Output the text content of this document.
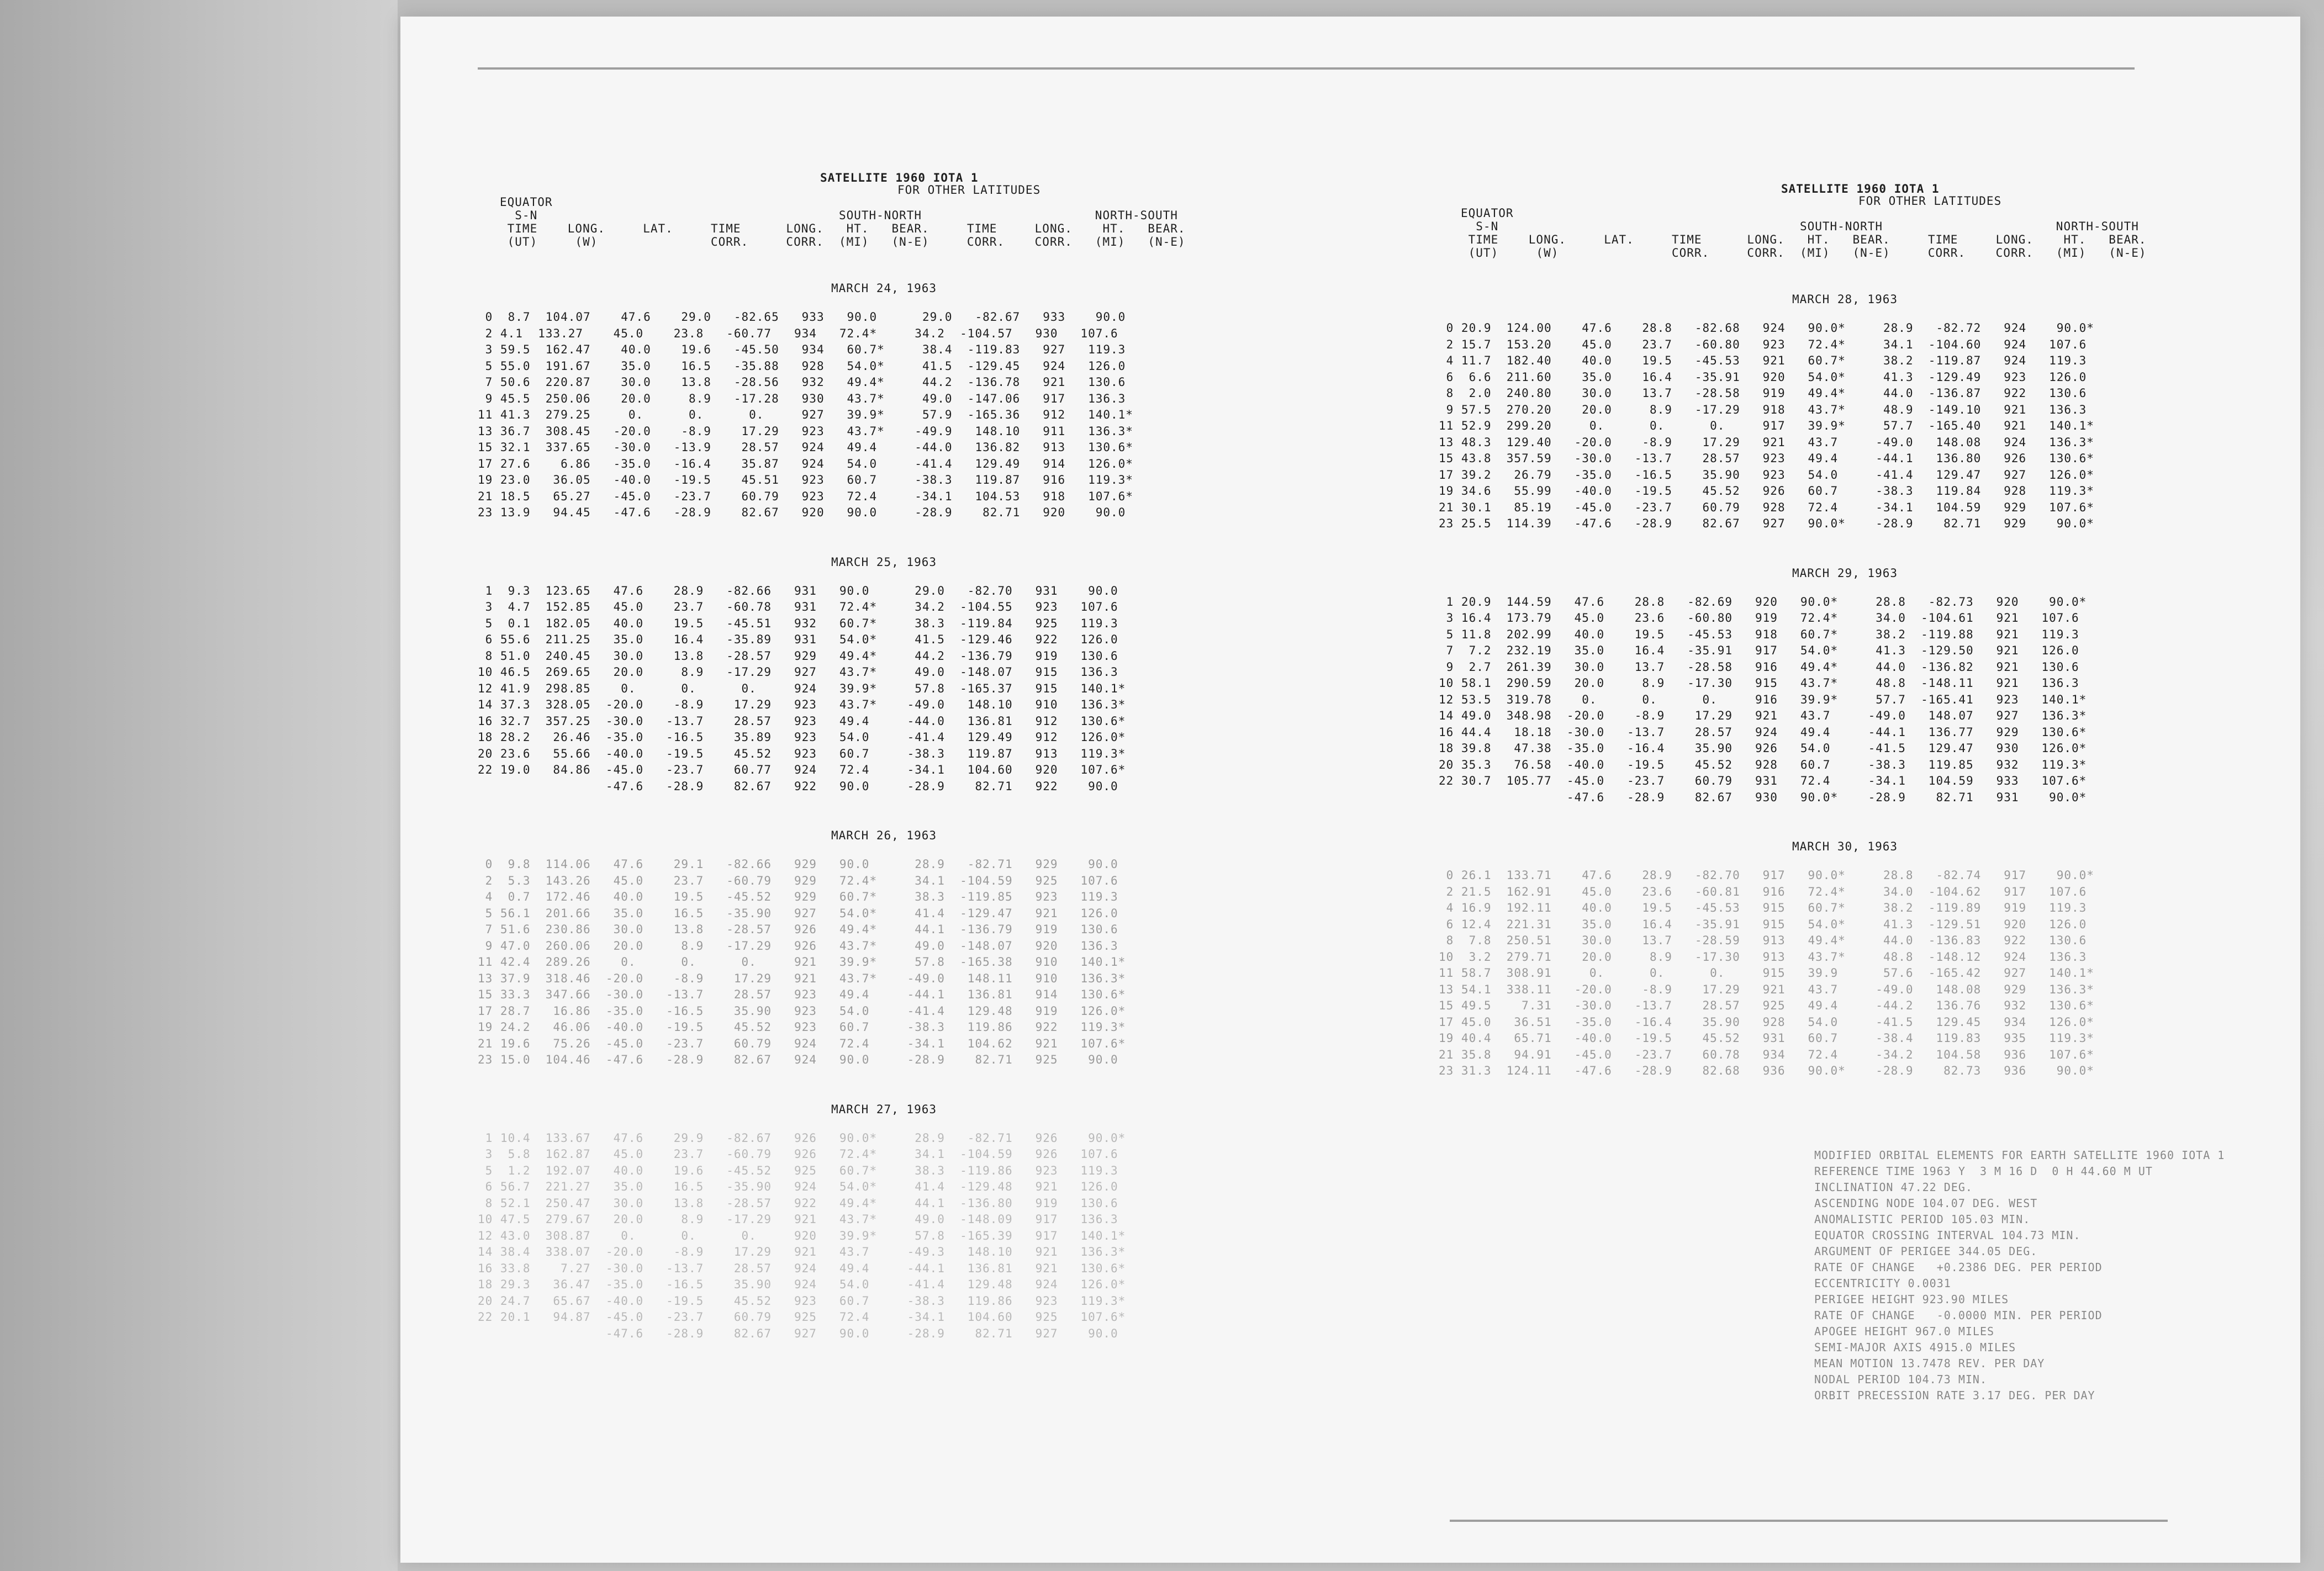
SATELLITE 1960 IOTA 1
FOR OTHER LATITUDES
EQUATOR
S-N                                        SOUTH-NORTH                       NORTH-SOUTH
TIME    LONG.     LAT.     TIME      LONG.   HT.   BEAR.     TIME     LONG.    HT.   BEAR.
(UT)     (W)               CORR.     CORR.  (MI)   (N-E)     CORR.    CORR.   (MI)   (N-E)
MARCH 24, 1963
0  8.7  104.07    47.6    29.0   -82.65   933   90.0      29.0   -82.67   933    90.0
2 4.1  133.27    45.0    23.8   -60.77   934   72.4*     34.2  -104.57   930   107.6
3 59.5  162.47    40.0    19.6   -45.50   934   60.7*     38.4  -119.83   927   119.3
5 55.0  191.67    35.0    16.5   -35.88   928   54.0*     41.5  -129.45   924   126.0
7 50.6  220.87    30.0    13.8   -28.56   932   49.4*     44.2  -136.78   921   130.6
9 45.5  250.06    20.0     8.9   -17.28   930   43.7*     49.0  -147.06   917   136.3
11 41.3  279.25     0.      0.      0.     927   39.9*     57.9  -165.36   912   140.1*
13 36.7  308.45   -20.0    -8.9    17.29   923   43.7*    -49.9   148.10   911   136.3*
15 32.1  337.65   -30.0   -13.9    28.57   924   49.4     -44.0   136.82   913   130.6*
17 27.6    6.86   -35.0   -16.4    35.87   924   54.0     -41.4   129.49   914   126.0*
19 23.0   36.05   -40.0   -19.5    45.51   923   60.7     -38.3   119.87   916   119.3*
21 18.5   65.27   -45.0   -23.7    60.79   923   72.4     -34.1   104.53   918   107.6*
23 13.9   94.45   -47.6   -28.9    82.67   920   90.0     -28.9    82.71   920    90.0
MARCH 25, 1963
1  9.3  123.65   47.6    28.9   -82.66   931   90.0      29.0   -82.70   931    90.0
3  4.7  152.85   45.0    23.7   -60.78   931   72.4*     34.2  -104.55   923   107.6
5  0.1  182.05   40.0    19.5   -45.51   932   60.7*     38.3  -119.84   925   119.3
6 55.6  211.25   35.0    16.4   -35.89   931   54.0*     41.5  -129.46   922   126.0
8 51.0  240.45   30.0    13.8   -28.57   929   49.4*     44.2  -136.79   919   130.6
10 46.5  269.65   20.0     8.9   -17.29   927   43.7*     49.0  -148.07   915   136.3
12 41.9  298.85    0.      0.      0.     924   39.9*     57.8  -165.37   915   140.1*
14 37.3  328.05  -20.0    -8.9    17.29   923   43.7*    -49.0   148.10   910   136.3*
16 32.7  357.25  -30.0   -13.7    28.57   923   49.4     -44.0   136.81   912   130.6*
18 28.2   26.46  -35.0   -16.5    35.89   923   54.0     -41.4   129.49   912   126.0*
20 23.6   55.66  -40.0   -19.5    45.52   923   60.7     -38.3   119.87   913   119.3*
22 19.0   84.86  -45.0   -23.7    60.77   924   72.4     -34.1   104.60   920   107.6*
-47.6   -28.9    82.67   922   90.0     -28.9    82.71   922    90.0
MARCH 26, 1963
0  9.8  114.06   47.6    29.1   -82.66   929   90.0      28.9   -82.71   929    90.0
2  5.3  143.26   45.0    23.7   -60.79   929   72.4*     34.1  -104.59   925   107.6
4  0.7  172.46   40.0    19.5   -45.52   929   60.7*     38.3  -119.85   923   119.3
5 56.1  201.66   35.0    16.5   -35.90   927   54.0*     41.4  -129.47   921   126.0
7 51.6  230.86   30.0    13.8   -28.57   926   49.4*     44.1  -136.79   919   130.6
9 47.0  260.06   20.0     8.9   -17.29   926   43.7*     49.0  -148.07   920   136.3
11 42.4  289.26    0.      0.      0.     921   39.9*     57.8  -165.38   910   140.1*
13 37.9  318.46  -20.0    -8.9    17.29   921   43.7*    -49.0   148.11   910   136.3*
15 33.3  347.66  -30.0   -13.7    28.57   923   49.4     -44.1   136.81   914   130.6*
17 28.7   16.86  -35.0   -16.5    35.90   923   54.0     -41.4   129.48   919   126.0*
19 24.2   46.06  -40.0   -19.5    45.52   923   60.7     -38.3   119.86   922   119.3*
21 19.6   75.26  -45.0   -23.7    60.79   924   72.4     -34.1   104.62   921   107.6*
23 15.0  104.46  -47.6   -28.9    82.67   924   90.0     -28.9    82.71   925    90.0
MARCH 27, 1963
1 10.4  133.67   47.6    29.9   -82.67   926   90.0*     28.9   -82.71   926    90.0*
3  5.8  162.87   45.0    23.7   -60.79   926   72.4*     34.1  -104.59   926   107.6
5  1.2  192.07   40.0    19.6   -45.52   925   60.7*     38.3  -119.86   923   119.3
6 56.7  221.27   35.0    16.5   -35.90   924   54.0*     41.4  -129.48   921   126.0
8 52.1  250.47   30.0    13.8   -28.57   922   49.4*     44.1  -136.80   919   130.6
10 47.5  279.67   20.0     8.9   -17.29   921   43.7*     49.0  -148.09   917   136.3
12 43.0  308.87    0.      0.      0.     920   39.9*     57.8  -165.39   917   140.1*
14 38.4  338.07  -20.0    -8.9    17.29   921   43.7     -49.3   148.10   921   136.3*
16 33.8    7.27  -30.0   -13.7    28.57   924   49.4     -44.1   136.81   921   130.6*
18 29.3   36.47  -35.0   -16.5    35.90   924   54.0     -41.4   129.48   924   126.0*
20 24.7   65.67  -40.0   -19.5    45.52   923   60.7     -38.3   119.86   923   119.3*
22 20.1   94.87  -45.0   -23.7    60.79   925   72.4     -34.1   104.60   925   107.6*
-47.6   -28.9    82.67   927   90.0     -28.9    82.71   927    90.0
SATELLITE 1960 IOTA 1
FOR OTHER LATITUDES
EQUATOR
S-N                                        SOUTH-NORTH                       NORTH-SOUTH
TIME    LONG.     LAT.     TIME      LONG.   HT.   BEAR.     TIME     LONG.    HT.   BEAR.
(UT)     (W)               CORR.     CORR.  (MI)   (N-E)     CORR.    CORR.   (MI)   (N-E)
MARCH 28, 1963
0 20.9  124.00    47.6    28.8   -82.68   924   90.0*     28.9   -82.72   924    90.0*
2 15.7  153.20    45.0    23.7   -60.80   923   72.4*     34.1  -104.60   924   107.6
4 11.7  182.40    40.0    19.5   -45.53   921   60.7*     38.2  -119.87   924   119.3
6  6.6  211.60    35.0    16.4   -35.91   920   54.0*     41.3  -129.49   923   126.0
8  2.0  240.80    30.0    13.7   -28.58   919   49.4*     44.0  -136.87   922   130.6
9 57.5  270.20    20.0     8.9   -17.29   918   43.7*     48.9  -149.10   921   136.3
11 52.9  299.20     0.      0.      0.     917   39.9*     57.7  -165.40   921   140.1*
13 48.3  129.40   -20.0    -8.9    17.29   921   43.7     -49.0   148.08   924   136.3*
15 43.8  357.59   -30.0   -13.7    28.57   923   49.4     -44.1   136.80   926   130.6*
17 39.2   26.79   -35.0   -16.5    35.90   923   54.0     -41.4   129.47   927   126.0*
19 34.6   55.99   -40.0   -19.5    45.52   926   60.7     -38.3   119.84   928   119.3*
21 30.1   85.19   -45.0   -23.7    60.79   928   72.4     -34.1   104.59   929   107.6*
23 25.5  114.39   -47.6   -28.9    82.67   927   90.0*    -28.9    82.71   929    90.0*
MARCH 29, 1963
1 20.9  144.59   47.6    28.8   -82.69   920   90.0*     28.8   -82.73   920    90.0*
3 16.4  173.79   45.0    23.6   -60.80   919   72.4*     34.0  -104.61   921   107.6
5 11.8  202.99   40.0    19.5   -45.53   918   60.7*     38.2  -119.88   921   119.3
7  7.2  232.19   35.0    16.4   -35.91   917   54.0*     41.3  -129.50   921   126.0
9  2.7  261.39   30.0    13.7   -28.58   916   49.4*     44.0  -136.82   921   130.6
10 58.1  290.59   20.0     8.9   -17.30   915   43.7*     48.8  -148.11   921   136.3
12 53.5  319.78    0.      0.      0.     916   39.9*     57.7  -165.41   923   140.1*
14 49.0  348.98  -20.0    -8.9    17.29   921   43.7     -49.0   148.07   927   136.3*
16 44.4   18.18  -30.0   -13.7    28.57   924   49.4     -44.1   136.77   929   130.6*
18 39.8   47.38  -35.0   -16.4    35.90   926   54.0     -41.5   129.47   930   126.0*
20 35.3   76.58  -40.0   -19.5    45.52   928   60.7     -38.3   119.85   932   119.3*
22 30.7  105.77  -45.0   -23.7    60.79   931   72.4     -34.1   104.59   933   107.6*
-47.6   -28.9    82.67   930   90.0*    -28.9    82.71   931    90.0*
MARCH 30, 1963
0 26.1  133.71    47.6    28.9   -82.70   917   90.0*     28.8   -82.74   917    90.0*
2 21.5  162.91    45.0    23.6   -60.81   916   72.4*     34.0  -104.62   917   107.6
4 16.9  192.11    40.0    19.5   -45.53   915   60.7*     38.2  -119.89   919   119.3
6 12.4  221.31    35.0    16.4   -35.91   915   54.0*     41.3  -129.51   920   126.0
8  7.8  250.51    30.0    13.7   -28.59   913   49.4*     44.0  -136.83   922   130.6
10  3.2  279.71    20.0     8.9   -17.30   913   43.7*     48.8  -148.12   924   136.3
11 58.7  308.91     0.      0.      0.     915   39.9      57.6  -165.42   927   140.1*
13 54.1  338.11   -20.0    -8.9    17.29   921   43.7     -49.0   148.08   929   136.3*
15 49.5    7.31   -30.0   -13.7    28.57   925   49.4     -44.2   136.76   932   130.6*
17 45.0   36.51   -35.0   -16.4    35.90   928   54.0     -41.5   129.45   934   126.0*
19 40.4   65.71   -40.0   -19.5    45.52   931   60.7     -38.4   119.83   935   119.3*
21 35.8   94.91   -45.0   -23.7    60.78   934   72.4     -34.2   104.58   936   107.6*
23 31.3  124.11   -47.6   -28.9    82.68   936   90.0*    -28.9    82.73   936    90.0*
MODIFIED ORBITAL ELEMENTS FOR EARTH SATELLITE 1960 IOTA 1
REFERENCE TIME 1963 Y  3 M 16 D  0 H 44.60 M UT
INCLINATION 47.22 DEG.
ASCENDING NODE 104.07 DEG. WEST
ANOMALISTIC PERIOD 105.03 MIN.
EQUATOR CROSSING INTERVAL 104.73 MIN.
ARGUMENT OF PERIGEE 344.05 DEG.
RATE OF CHANGE   +0.2386 DEG. PER PERIOD
ECCENTRICITY 0.0031
PERIGEE HEIGHT 923.90 MILES
RATE OF CHANGE   -0.0000 MIN. PER PERIOD
APOGEE HEIGHT 967.0 MILES
SEMI-MAJOR AXIS 4915.0 MILES
MEAN MOTION 13.7478 REV. PER DAY
NODAL PERIOD 104.73 MIN.
ORBIT PRECESSION RATE 3.17 DEG. PER DAY
